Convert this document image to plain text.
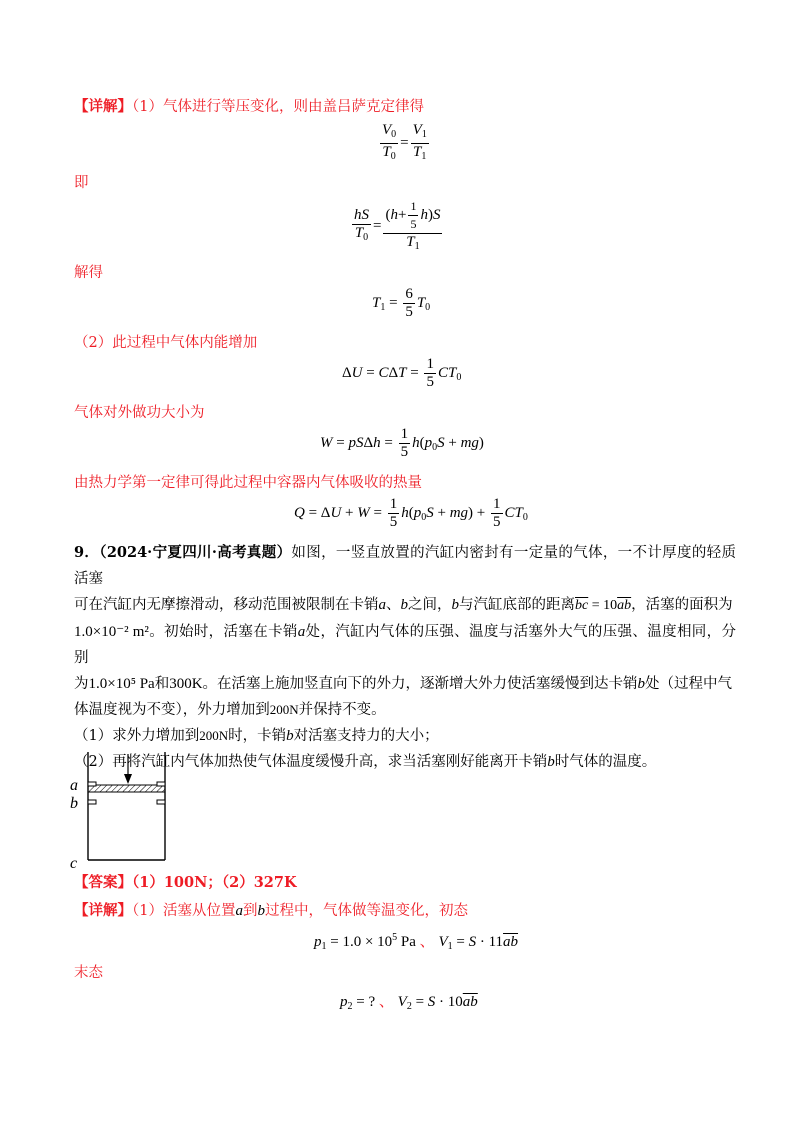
【详解】（1）气体进行等压变化，则由盖吕萨克定律得
$\frac{V_0}{T_0} = \frac{V_1}{T_1}$
即
$\frac{hS}{T_0} = \frac{(h+ \frac{1}{5} h)S}{T_1}$
解得
$T_1 = \frac{6}{5} T_0$
（2）此过程中气体内能增加
$\Delta U = C\Delta T = \frac{1}{5} CT_0$
气体对外做功大小为
$W = pS\Delta h = \frac{1}{5} h(p_0S + mg)$
由热力学第一定律可得此过程中容器内气体吸收的热量
$Q = \Delta U + W = \frac{1}{5} h(p_0S + mg) + \frac{1}{5} CT_0$
9．（2024·宁夏四川·高考真题）如图，一竖直放置的汽缸内密封有一定量的气体，一不计厚度的轻质活塞
可在汽缸内无摩擦滑动，移动范围被限制在卡销a、b之间，b与汽缸底部的距离$\overline{bc} = 10\overline{ab}$，活塞的面积为
1.0×10⁻² m²。初始时，活塞在卡销a处，汽缸内气体的压强、温度与活塞外大气的压强、温度相同，分别
为1.0×10⁵ Pa和300K。在活塞上施加竖直向下的外力，逐渐增大外力使活塞缓慢到达卡销b处（过程中气
体温度视为不变），外力增加到200N并保持不变。
（1）求外力增加到200N时，卡销b对活塞支持力的大小；
（2）再将汽缸内气体加热使气体温度缓慢升高，求当活塞刚好能离开卡销b时气体的温度。
a
b
c
【答案】（1）100N；（2）327K
【详解】（1）活塞从位置a到b过程中，气体做等温变化，初态
$p_1 = 1.0 \times 10^5$ Pa 、 $V_1 = S \cdot 11\overline{ab}$
末态
$p_2$ = ? 、 $V_2 = S \cdot 10\overline{ab}$
